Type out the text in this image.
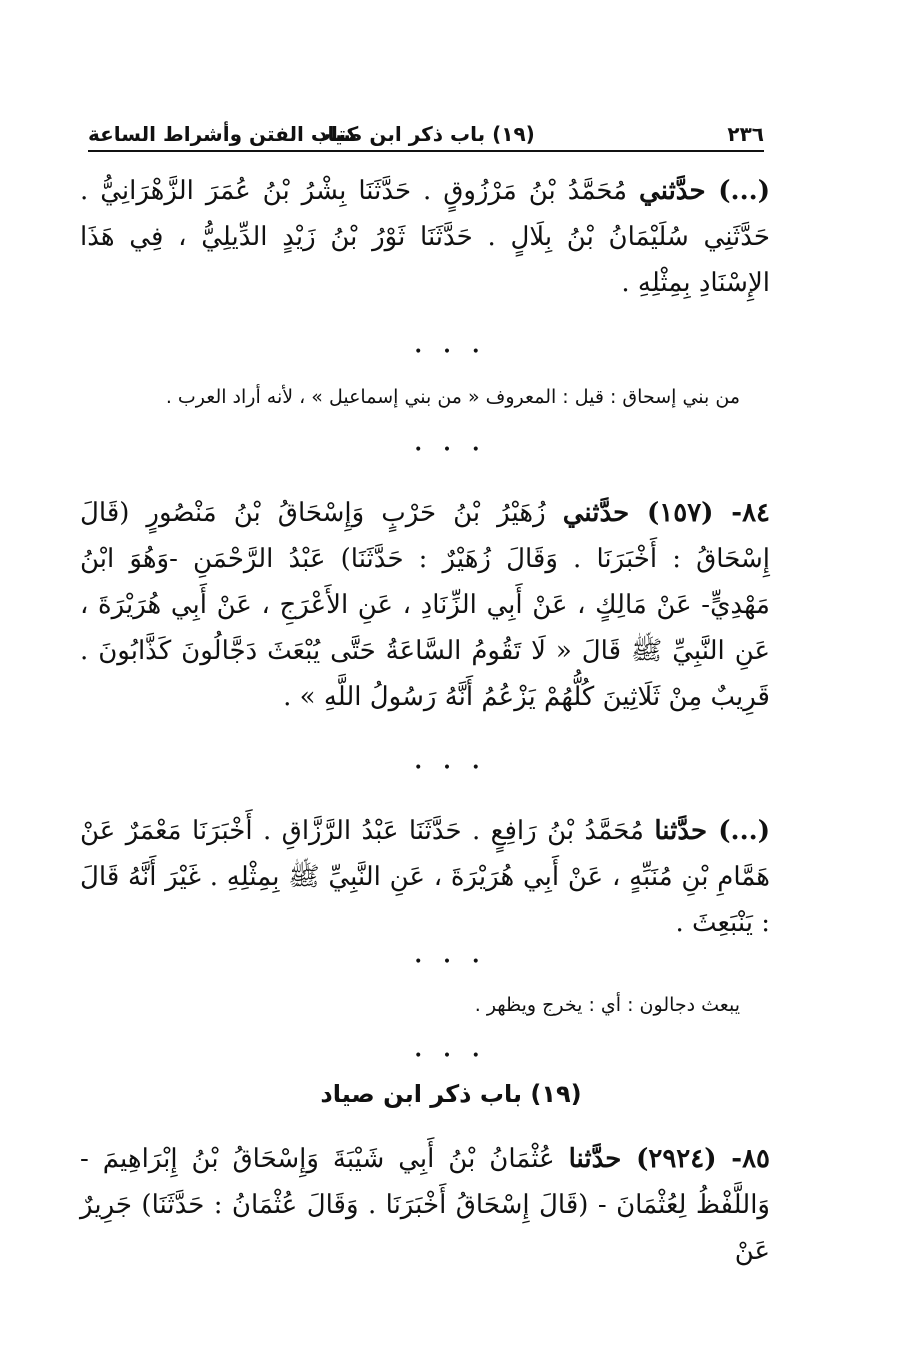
٢٣٦
(١٩) باب ذكر ابن صياد
كتاب الفتن وأشراط الساعة
(...) حدَّثني مُحَمَّدُ بْنُ مَرْزُوقٍ . حَدَّثَنَا بِشْرُ بْنُ عُمَرَ الزَّهْرَانِيُّ . حَدَّثَنِي سُلَيْمَانُ بْنُ بِلَالٍ . حَدَّثَنَا ثَوْرُ بْنُ زَيْدٍ الدِّيلِيُّ ، فِي هَذَا الإِسْنَادِ بِمِثْلِهِ .
• • •
من بني إسحاق : قيل : المعروف « من بني إسماعيل » ، لأنه أراد العرب .
• • •
٨٤- (١٥٧) حدَّثني زُهَيْرُ بْنُ حَرْبٍ وَإِسْحَاقُ بْنُ مَنْصُورٍ (قَالَ إِسْحَاقُ : أَخْبَرَنَا . وَقَالَ زُهَيْرٌ : حَدَّثَنَا) عَبْدُ الرَّحْمَنِ -وَهُوَ ابْنُ مَهْدِيٍّ- عَنْ مَالِكٍ ، عَنْ أَبِي الزِّنَادِ ، عَنِ الأَعْرَجِ ، عَنْ أَبِي هُرَيْرَةَ ، عَنِ النَّبِيِّ ﷺ قَالَ « لَا تَقُومُ السَّاعَةُ حَتَّى يُبْعَثَ دَجَّالُونَ كَذَّابُونَ . قَرِيبٌ مِنْ ثَلَاثِينَ كُلُّهُمْ يَزْعُمُ أَنَّهُ رَسُولُ اللَّهِ » .
• • •
(...) حدَّثنا مُحَمَّدُ بْنُ رَافِعٍ . حَدَّثَنَا عَبْدُ الرَّزَّاقِ . أَخْبَرَنَا مَعْمَرٌ عَنْ هَمَّامِ بْنِ مُنَبِّهٍ ، عَنْ أَبِي هُرَيْرَةَ ، عَنِ النَّبِيِّ ﷺ بِمِثْلِهِ . غَيْرَ أَنَّهُ قَالَ : يَنْبَعِثَ .
• • •
يبعث دجالون : أي : يخرج ويظهر .
• • •
(١٩) باب ذكر ابن صياد
٨٥- (٢٩٢٤) حدَّثنا عُثْمَانُ بْنُ أَبِي شَيْبَةَ وَإِسْحَاقُ بْنُ إِبْرَاهِيمَ - وَاللَّفْظُ لِعُثْمَانَ - (قَالَ إِسْحَاقُ أَخْبَرَنَا . وَقَالَ عُثْمَانُ : حَدَّثَنَا) جَرِيرٌ عَنْ
